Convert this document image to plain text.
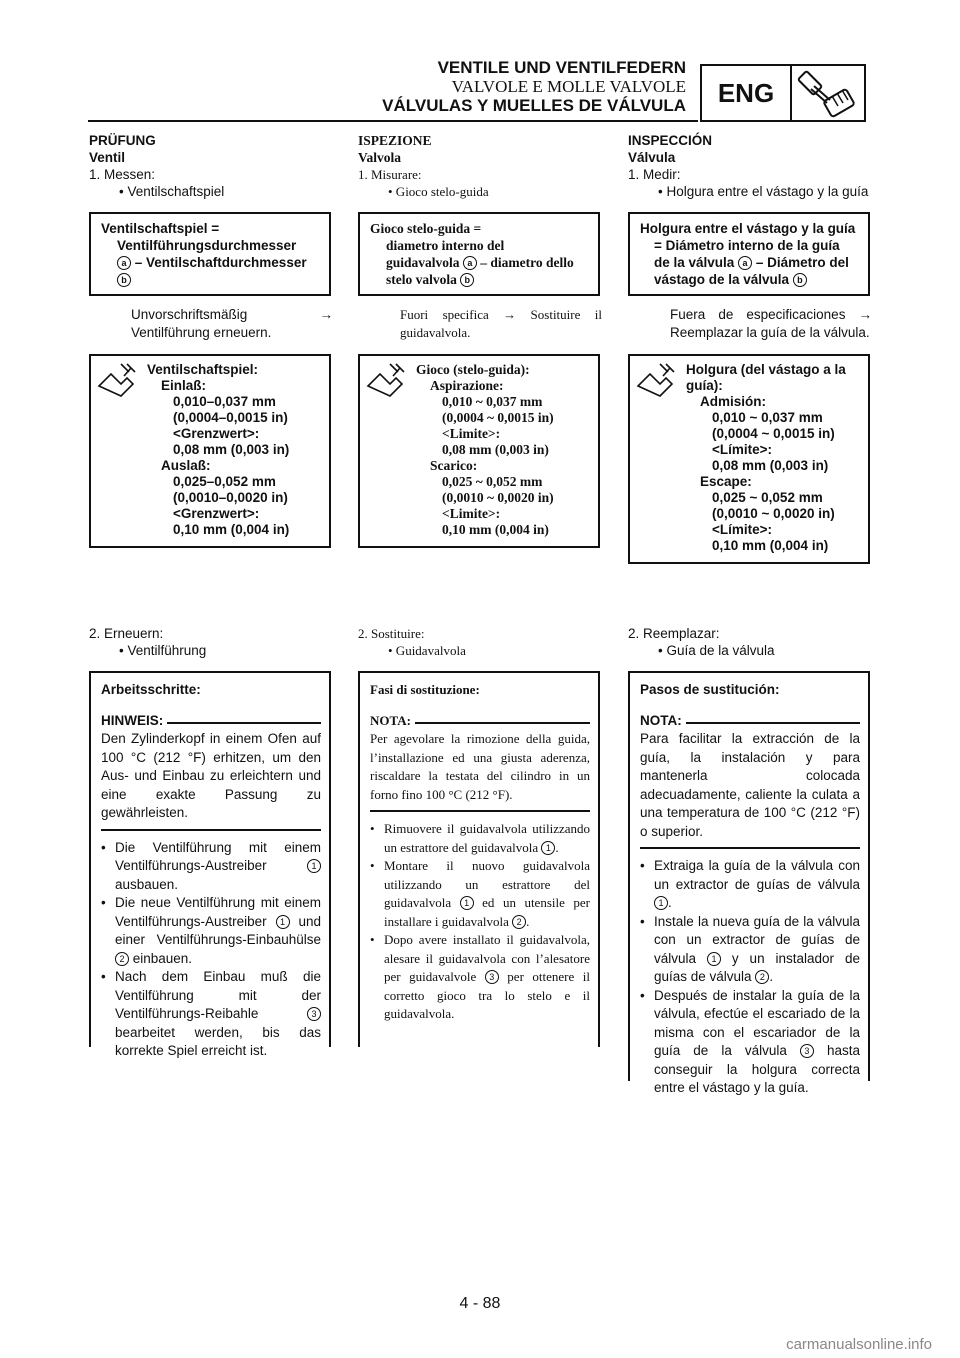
VENTILE UND VENTILFEDERN
VALVOLE E MOLLE VALVOLE
VÁLVULAS Y MUELLES DE VÁLVULA	ENG
PRÜFUNG
Ventil
1. Messen:
• Ventilschaftspiel
Ventilschaftspiel =
Ventilführungsdurchmesser
a – Ventilschaftdurchmesser
b
Unvorschriftsmäßig → Ventilführung erneuern.
Ventilschaftspiel:
Einlaß:
0,010–0,037 mm
(0,0004–0,0015 in)
<Grenzwert>:
0,08 mm (0,003 in)
Auslaß:
0,025–0,052 mm
(0,0010–0,0020 in)
<Grenzwert>:
0,10 mm (0,004 in)
2. Erneuern:
• Ventilführung
Arbeitsschritte:
HINWEIS:
Den Zylinderkopf in einem Ofen auf 100 °C (212 °F) erhitzen, um den Aus- und Einbau zu erleichtern und eine exakte Passung zu gewährleisten.
• Die Ventilführung mit einem Ventilführungs-Austreiber 1 ausbauen.
• Die neue Ventilführung mit einem Ventilführungs-Austreiber 1 und einer Ventilführungs-Einbauhülse 2 einbauen.
• Nach dem Einbau muß die Ventilführung mit der Ventilführungs-Reibahle 3 bearbeitet werden, bis das korrekte Spiel erreicht ist.
ISPEZIONE
Valvola
1. Misurare:
• Gioco stelo-guida
Gioco stelo-guida =
diametro interno del
guidavalvola a – diametro dello
stelo valvola b
Fuori specifica → Sostituire il guidavalvola.
Gioco (stelo-guida):
Aspirazione:
0,010 ~ 0,037 mm
(0,0004 ~ 0,0015 in)
<Limite>:
0,08 mm (0,003 in)
Scarico:
0,025 ~ 0,052 mm
(0,0010 ~ 0,0020 in)
<Limite>:
0,10 mm (0,004 in)
2. Sostituire:
• Guidavalvola
Fasi di sostituzione:
NOTA:
Per agevolare la rimozione della guida, l’installazione ed una giusta aderenza, riscaldare la testata del cilindro in un forno fino 100 °C (212 °F).
• Rimuovere il guidavalvola utilizzando un estrattore del guidavalvola 1 .
• Montare il nuovo guidavalvola utilizzando un estrattore del guidavalvola 1 ed un utensile per installare i guidavalvola 2 .
• Dopo avere installato il guidavalvola, alesare il guidavalvola con l’alesatore per guidavalvole 3 per ottenere il corretto gioco tra lo stelo e il guidavalvola.
INSPECCIÓN
Válvula
1. Medir:
• Holgura entre el vástago y la guía
Holgura entre el vástago y la guía = Diámetro interno de la guía de la válvula a – Diámetro del vástago de la válvula b
Fuera de especificaciones → Reemplazar la guía de la válvula.
Holgura (del vástago a la guía):
Admisión:
0,010 ~ 0,037 mm
(0,0004 ~ 0,0015 in)
<Límite>:
0,08 mm (0,003 in)
Escape:
0,025 ~ 0,052 mm
(0,0010 ~ 0,0020 in)
<Límite>:
0,10 mm (0,004 in)
2. Reemplazar:
• Guía de la válvula
Pasos de sustitución:
NOTA:
Para facilitar la extracción de la guía, la instalación y para mantenerla colocada adecuadamente, caliente la culata a una temperatura de 100 °C (212 °F) o superior.
• Extraiga la guía de la válvula con un extractor de guías de válvula 1 .
• Instale la nueva guía de la válvula con un extractor de guías de válvula 1 y un instalador de guías de válvula 2 .
• Después de instalar la guía de la válvula, efectúe el escariado de la misma con el escariador de la guía de la válvula 3 hasta conseguir la holgura correcta entre el vástago y la guía.
4 - 88
carmanualsonline.info
